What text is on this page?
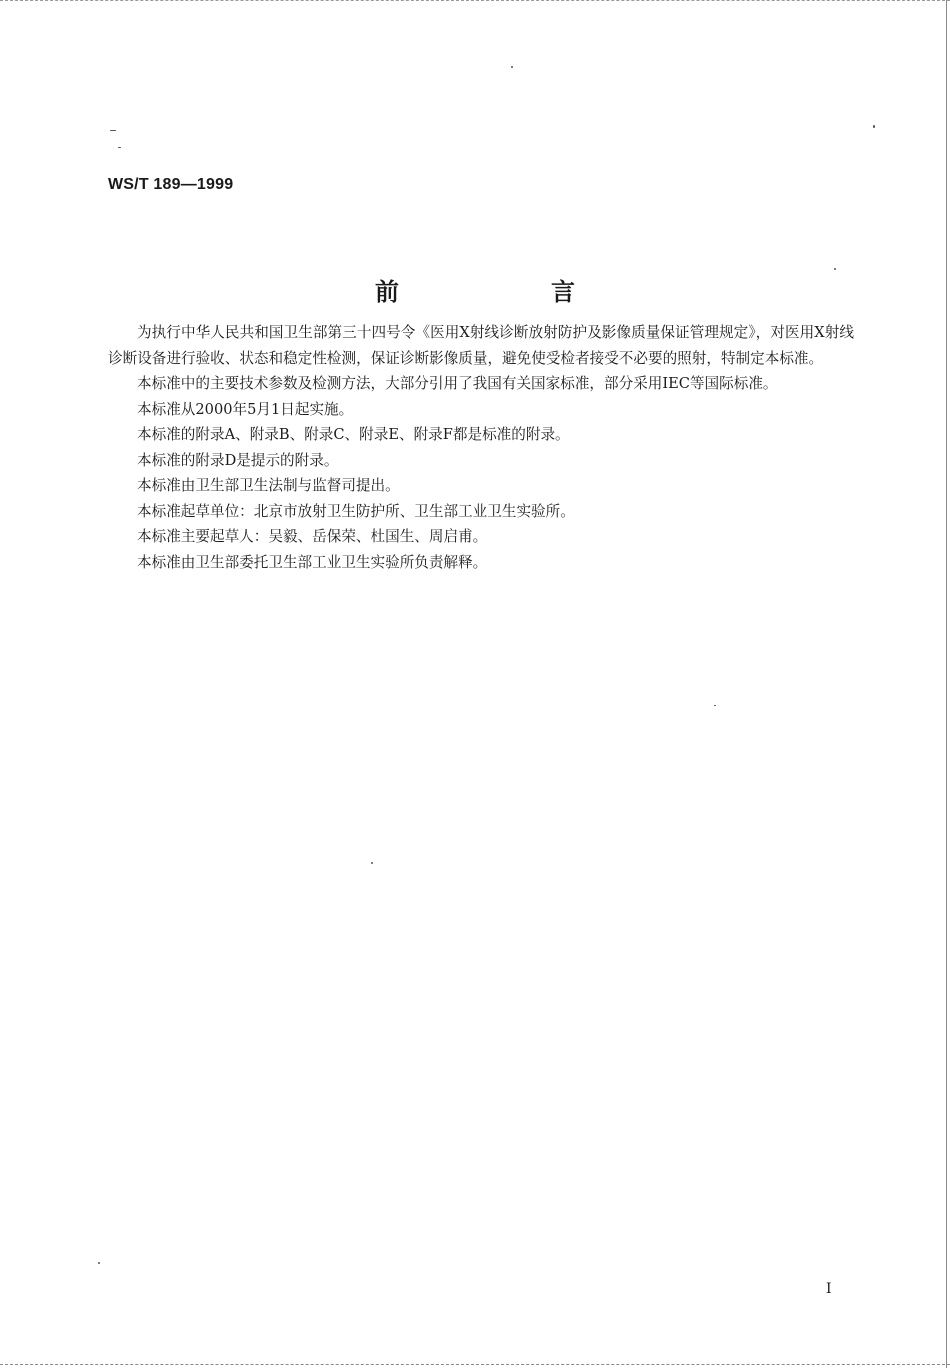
WS/T 189—1999
前　言

为执行中华人民共和国卫生部第三十四号令《医用X射线诊断放射防护及影像质量保证管理规定》，对医用X射线诊断设备进行验收、状态和稳定性检测，保证诊断影像质量，避免使受检者接受不必要的照射，特制定本标准。

本标准中的主要技术参数及检测方法，大部分引用了我国有关国家标准，部分采用IEC等国际标准。

本标准从2000年5月1日起实施。

本标准的附录A、附录B、附录C、附录E、附录F都是标准的附录。

本标准的附录D是提示的附录。

本标准由卫生部卫生法制与监督司提出。

本标准起草单位：北京市放射卫生防护所、卫生部工业卫生实验所。

本标准主要起草人：吴毅、岳保荣、杜国生、周启甫。

本标准由卫生部委托卫生部工业卫生实验所负责解释。

I
